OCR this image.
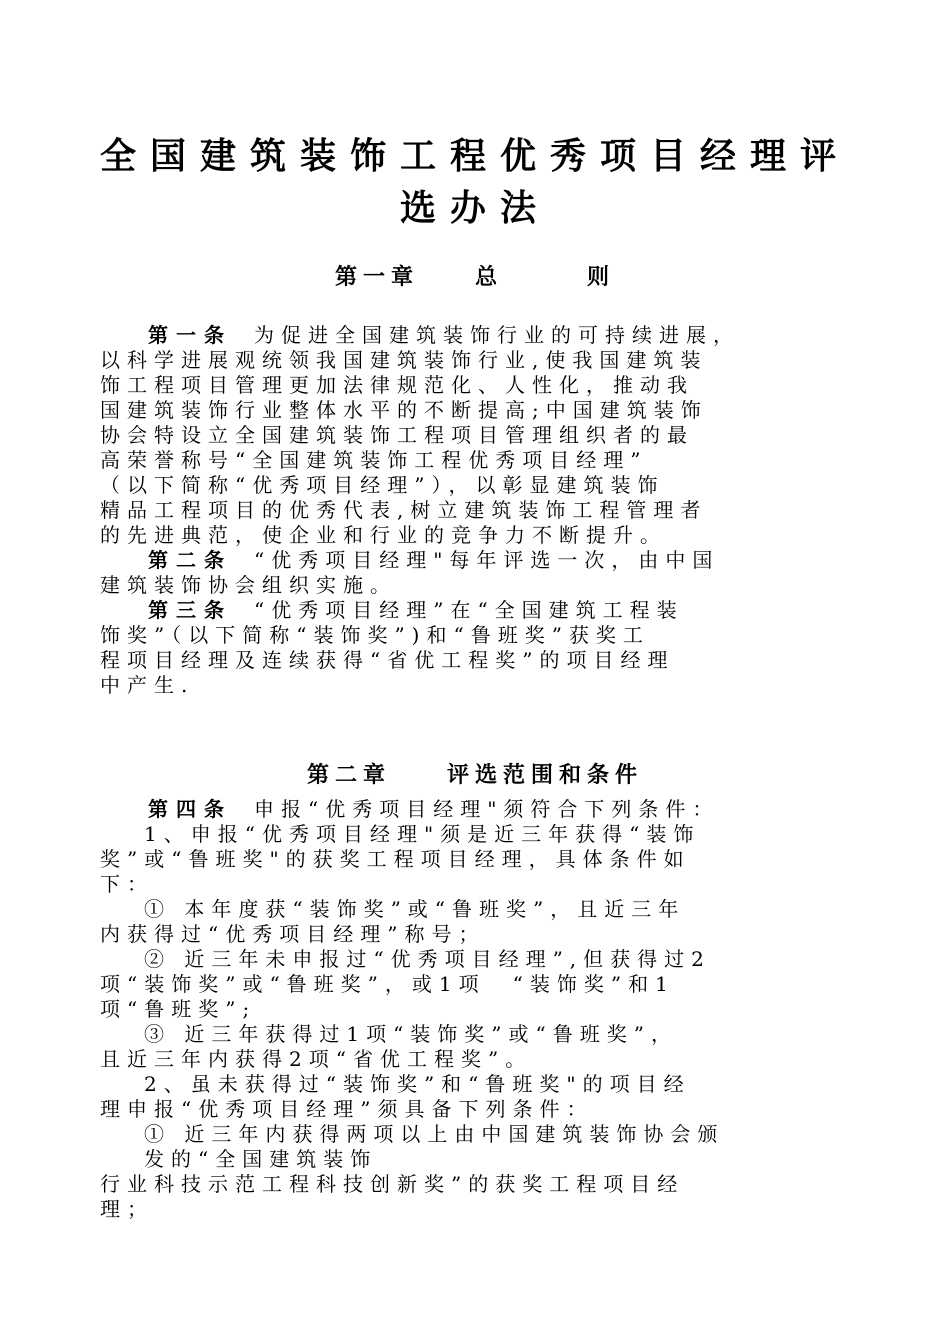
全国建筑装饰工程优秀项目经理评
选办法
第一章　　总　　　则
第一条 为促进全国建筑装饰行业的可持续进展，
以科学进展观统领我国建筑装饰行业,使我国建筑装
饰工程项目管理更加法律规范化、人性化，推动我
国建筑装饰行业整体水平的不断提高;中国建筑装饰
协会特设立全国建筑装饰工程项目管理组织者的最
高荣誉称号“全国建筑装饰工程优秀项目经理”
（以下简称“优秀项目经理”），以彰显建筑装饰
精品工程项目的优秀代表,树立建筑装饰工程管理者
的先进典范，使企业和行业的竞争力不断提升。
第二条 “优秀项目经理"每年评选一次，由中国
建筑装饰协会组织实施。
第三条 “优秀项目经理”在“全国建筑工程装
饰奖”（以下简称“装饰奖”)和“鲁班奖”获奖工
程项目经理及连续获得“省优工程奖”的项目经理
中产生.
第二章　　评选范围和条件
第四条 申报“优秀项目经理"须符合下列条件：
1、申报“优秀项目经理"须是近三年获得“装饰
奖”或“鲁班奖"的获奖工程项目经理，具体条件如
下：
① 本年度获“装饰奖”或“鲁班奖”，且近三年
内获得过“优秀项目经理”称号；
② 近三年未申报过“优秀项目经理”,但获得过2
项“装饰奖”或“鲁班奖”，或1项　“装饰奖”和1
项“鲁班奖”;
③ 近三年获得过1项“装饰奖”或“鲁班奖”，
且近三年内获得2项“省优工程奖”。
2、虽未获得过“装饰奖”和“鲁班奖"的项目经
理申报“优秀项目经理”须具备下列条件：
① 近三年内获得两项以上由中国建筑装饰协会颁
发的“全国建筑装饰
行业科技示范工程科技创新奖”的获奖工程项目经
理；
